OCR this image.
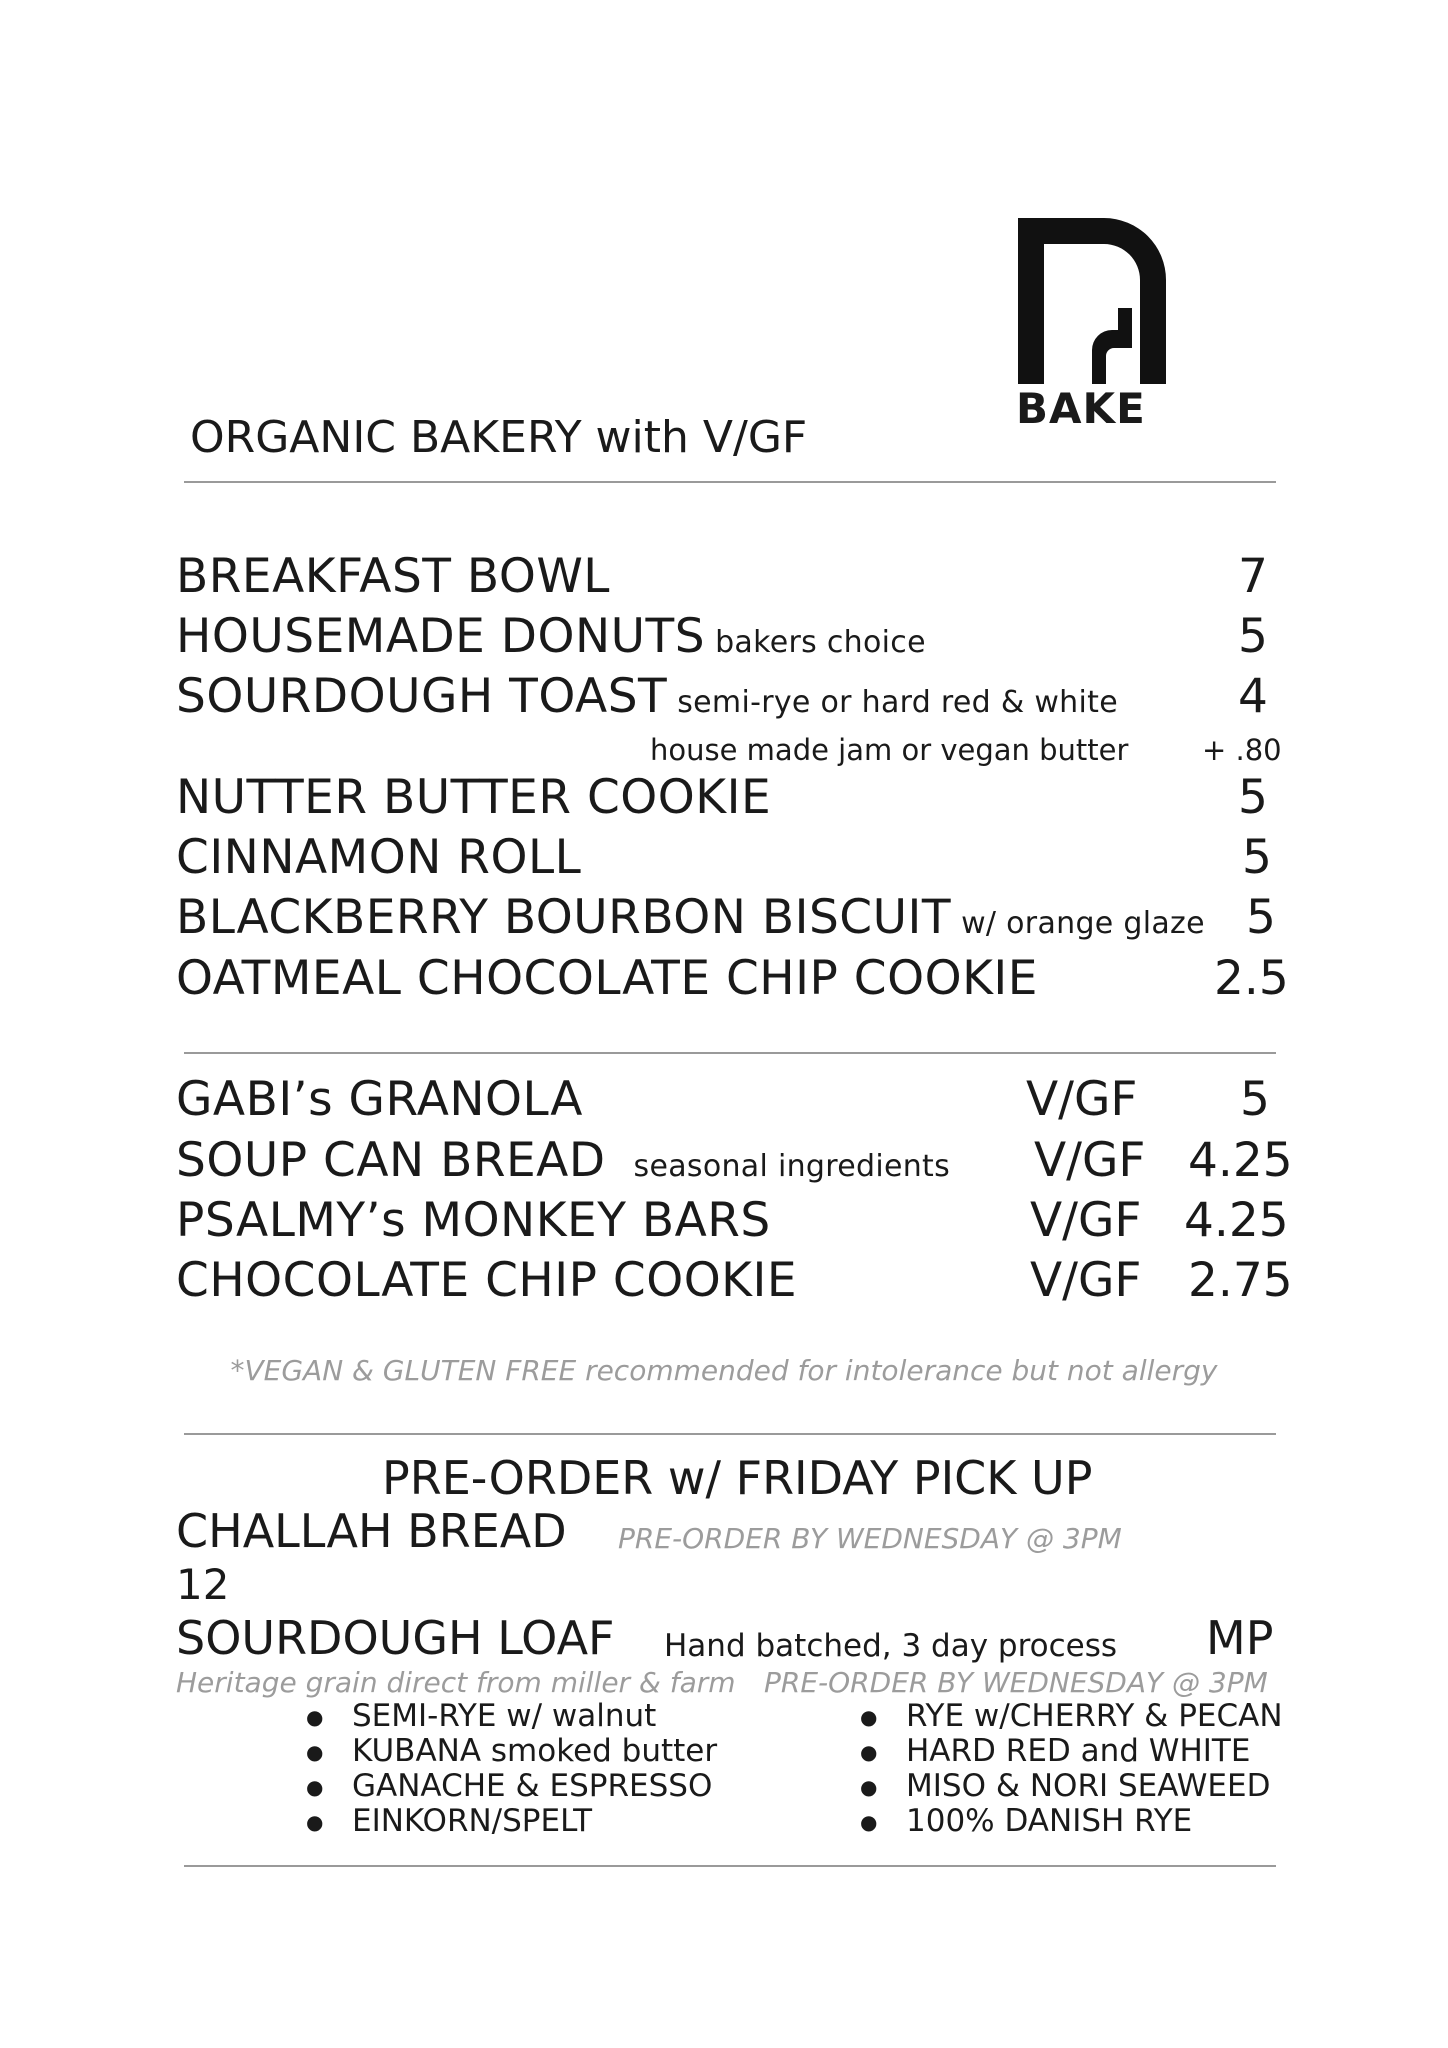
BAKE
ORGANIC BAKERY with V/GF
BREAKFAST BOWL	7
HOUSEMADE DONUTS bakers choice	5
SOURDOUGH TOAST semi-rye or hard red & white	4
house made jam or vegan butter	+ .80
NUTTER BUTTER COOKIE	5
CINNAMON ROLL	5
BLACKBERRY BOURBON BISCUIT w/ orange glaze 5
OATMEAL CHOCOLATE CHIP COOKIE	2.5
GABI’s GRANOLA	V/GF 5
SOUP CAN BREAD seasonal ingredients V/GF 4.25
PSALMY’s MONKEY BARS	V/GF 4.25
CHOCOLATE CHIP COOKIE	V/GF 2.75
*VEGAN & GLUTEN FREE recommended for intolerance but not allergy
PRE-ORDER w/ FRIDAY PICK UP
CHALLAH BREAD PRE-ORDER BY WEDNESDAY @ 3PM
12
SOURDOUGH LOAF Hand batched, 3 day process MP
Heritage grain direct from miller & farm PRE-ORDER BY WEDNESDAY @ 3PM
● SEMI-RYE w/ walnut
● KUBANA smoked butter
● GANACHE & ESPRESSO
● EINKORN/SPELT
● RYE w/CHERRY & PECAN
● HARD RED and WHITE
● MISO & NORI SEAWEED
● 100% DANISH RYE
